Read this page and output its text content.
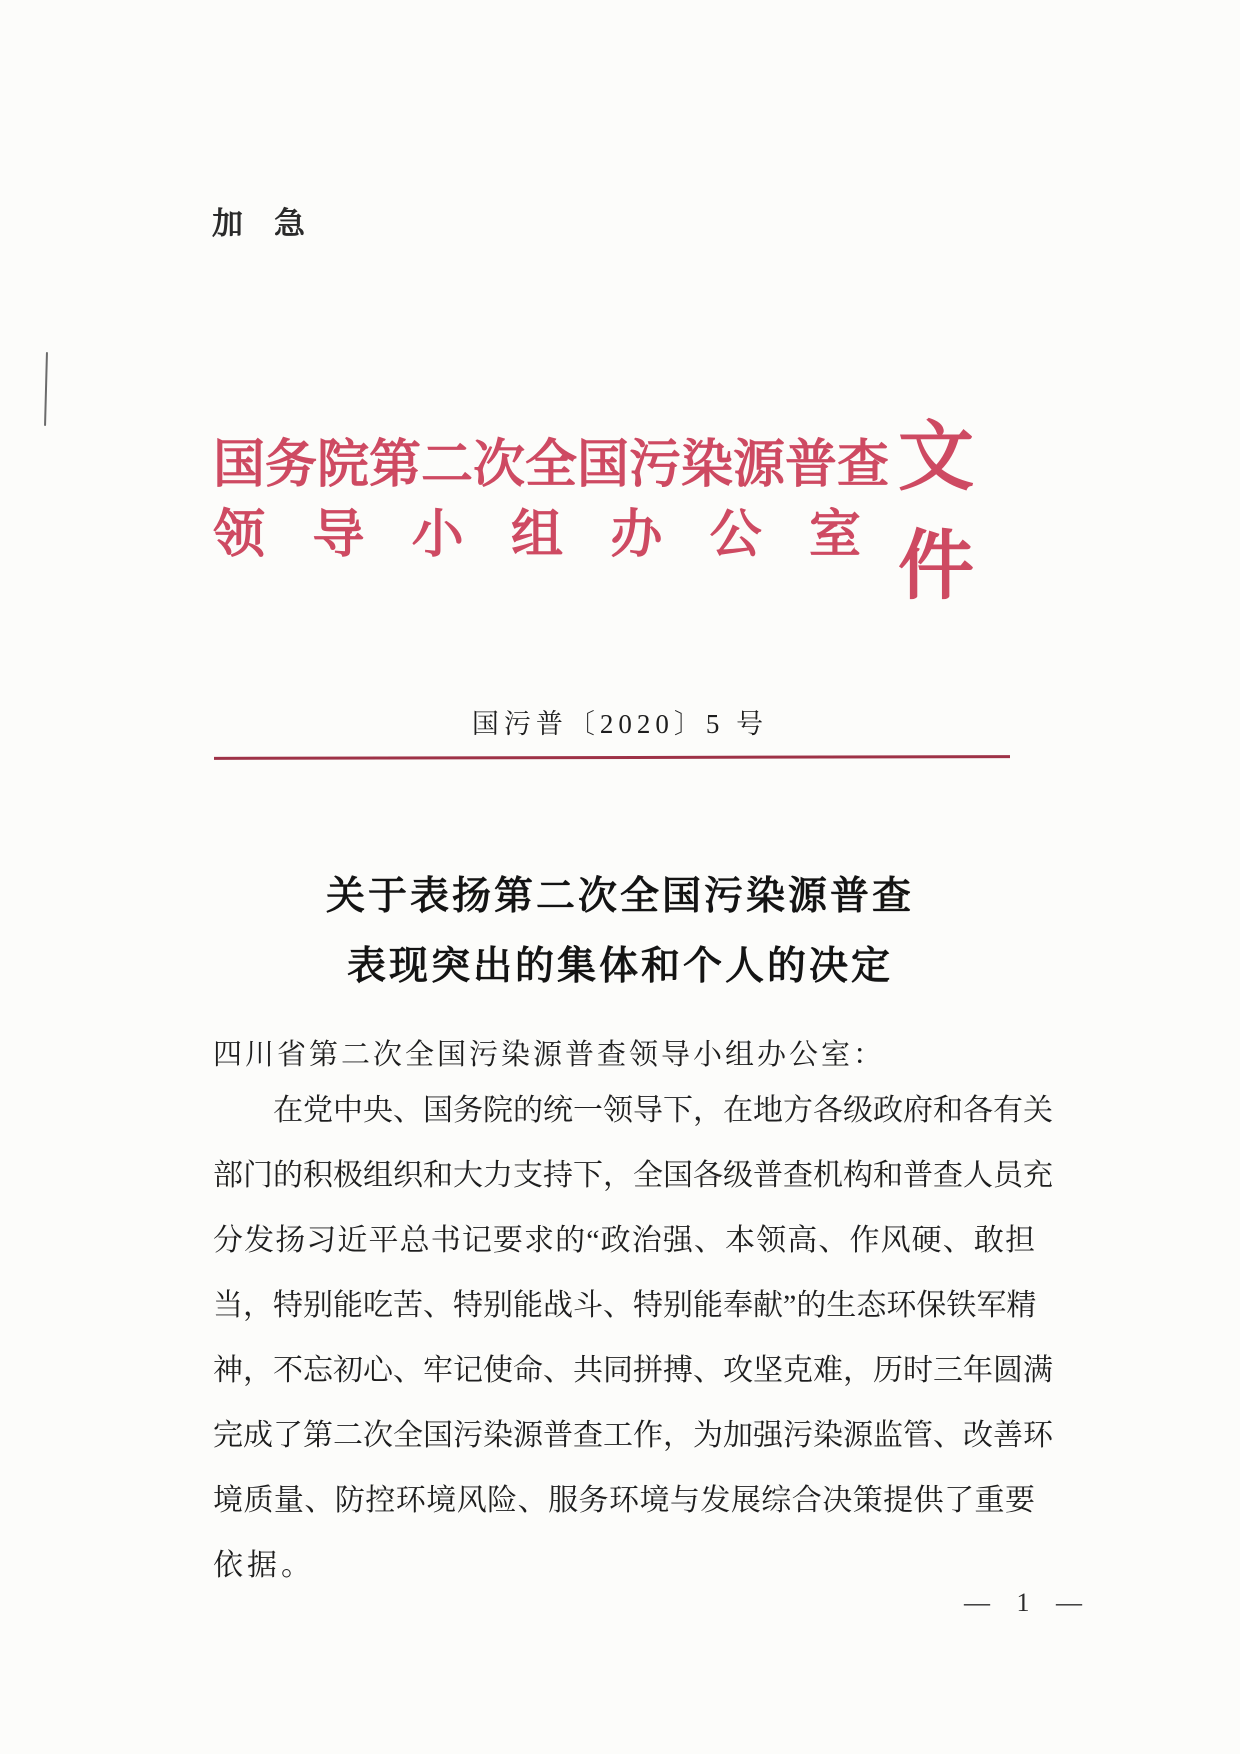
加　急
国务院第二次全国污染源普查
领导小组办公室
文件
国污普〔2020〕5 号
关于表扬第二次全国污染源普查
表现突出的集体和个人的决定
四川省第二次全国污染源普查领导小组办公室：
在党中央、国务院的统一领导下，在地方各级政府和各有关
部门的积极组织和大力支持下，全国各级普查机构和普查人员充
分发扬习近平总书记要求的“政治强、本领高、作风硬、敢担
当，特别能吃苦、特别能战斗、特别能奉献”的生态环保铁军精
神，不忘初心、牢记使命、共同拼搏、攻坚克难，历时三年圆满
完成了第二次全国污染源普查工作，为加强污染源监管、改善环
境质量、防控环境风险、服务环境与发展综合决策提供了重要
依据。
— 1 —
